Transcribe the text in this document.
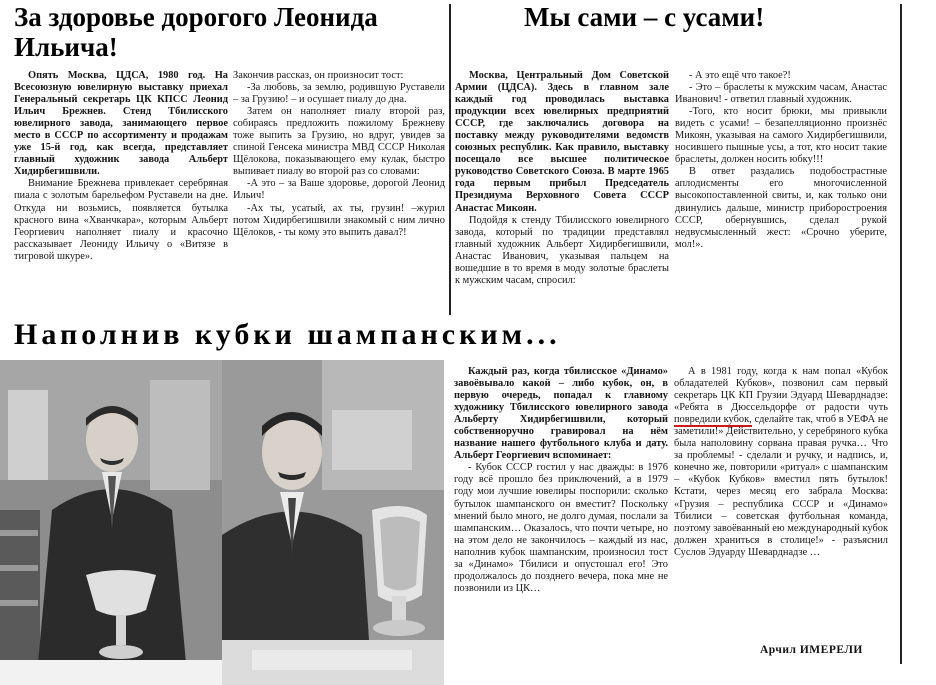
За здоровье дорогого Леонида Ильича!
Мы сами – с усами!
Наполнив кубки шампанским...

Опять Москва, ЦДСА, 1980 год. На Всесоюзную ювелирную выставку приехал Генеральный секретарь ЦК КПСС Леонид Ильич Брежнев. Стенд Тбилисского ювелирного завода, занимающего первое место в СССР по ассортименту и продажам уже 15-й год, как всегда, представляет главный художник завода Альберт Хидирбегишвили.

Внимание Брежнева привлекает серебряная пиала с золотым барельефом Руставели на дне. Откуда ни возьмись, появляется бутылка красного вина «Хванчкара», которым Альберт Георгиевич наполняет пиалу и красочно рассказывает Леониду Ильичу о «Витязе в тигровой шкуре».

Закончив рассказ, он произносит тост:

-За любовь, за землю, родившую Руставели – за Грузию! – и осушает пиалу до дна.

Затем он наполняет пиалу второй раз, собираясь предложить пожилому Брежневу тоже выпить за Грузию, но вдруг, увидев за спиной Генсека министра МВД СССР Николая Щёлокова, показывающего ему кулак, быстро выпивает пиалу во второй раз со словами:

-А это – за Ваше здоровье, дорогой Леонид Ильич!

-Ах ты, усатый, ах ты, грузин! –журил потом Хидирбегишвили знакомый с ним лично Щёлоков, - ты кому это выпить давал?!

Москва, Центральный Дом Советской Армии (ЦДСА). Здесь в главном зале каждый год проводилась выставка продукции всех ювелирных предприятий СССР, где заключались договора на поставку между руководителями ведомств союзных республик. Как правило, выставку посещало все высшее политическое руководство Советского Союза. В марте 1965 года первым прибыл Председатель Президиума Верховного Совета СССР Анастас Микоян.

Подойдя к стенду Тбилисского ювелирного завода, который по традиции представлял главный художник Альберт Хидирбегишвили, Анастас Иванович, указывая пальцем на вошедшие в то время в моду золотые браслеты к мужским часам, спросил:

- А это ещё что такое?!

- Это – браслеты к мужским часам, Анастас Иванович! - ответил главный художник.

-Того, кто носит брюки, мы привыкли видеть с усами! – безапелляционно произнёс Микоян, указывая на самого Хидирбегишвили, носившего пышные усы, а тот, кто носит такие браслеты, должен носить юбку!!!

В ответ раздались подобострастные аплодисменты его многочисленной высокопоставленной свиты, и, как только они двинулись дальше, министр приборостроения СССР, обернувшись, сделал рукой недвусмысленный жест: «Срочно уберите, мол!».

Каждый раз, когда тбилисское «Динамо» завоёвывало какой – либо кубок, он, в первую очередь, попадал к главному художнику Тбилисского ювелирного завода Альберту Хидирбегишвили, который собственноручно гравировал на нём название нашего футбольного клуба и дату. Альберт Георгиевич вспоминает:

- Кубок СССР гостил у нас дважды: в 1976 году всё прошло без приключений, а в 1979 году мои лучшие ювелиры поспорили: сколько бутылок шампанского он вместит? Поскольку мнений было много, не долго думая, послали за шампанским… Оказалось, что почти четыре, но на этом дело не закончилось – каждый из нас, наполнив кубок шампанским, произносил тост за «Динамо» Тбилиси и опустошал его! Это продолжалось до позднего вечера, пока мне не позвонили из ЦК…

А в 1981 году, когда к нам попал «Кубок обладателей Кубков», позвонил сам первый секретарь ЦК КП Грузии Эдуард Шеварднадзе: «Ребята в Дюссельдорфе от радости чуть повредили кубок, сделайте так, чтоб в УЕФА не заметили!» Действительно, у серебряного кубка была наполовину сорвана правая ручка… Что за проблемы! - сделали и ручку, и надпись, и, конечно же, повторили «ритуал» с шампанским – «Кубок Кубков» вместил пять бутылок! Кстати, через месяц его забрала Москва: «Грузия – республика СССР и «Динамо» Тбилиси – советская футбольная команда, поэтому завоёванный ею международный кубок должен храниться в столице!» - разъяснил Суслов Эдуарду Шеварднадзе …

Арчил ИМЕРЕЛИ
